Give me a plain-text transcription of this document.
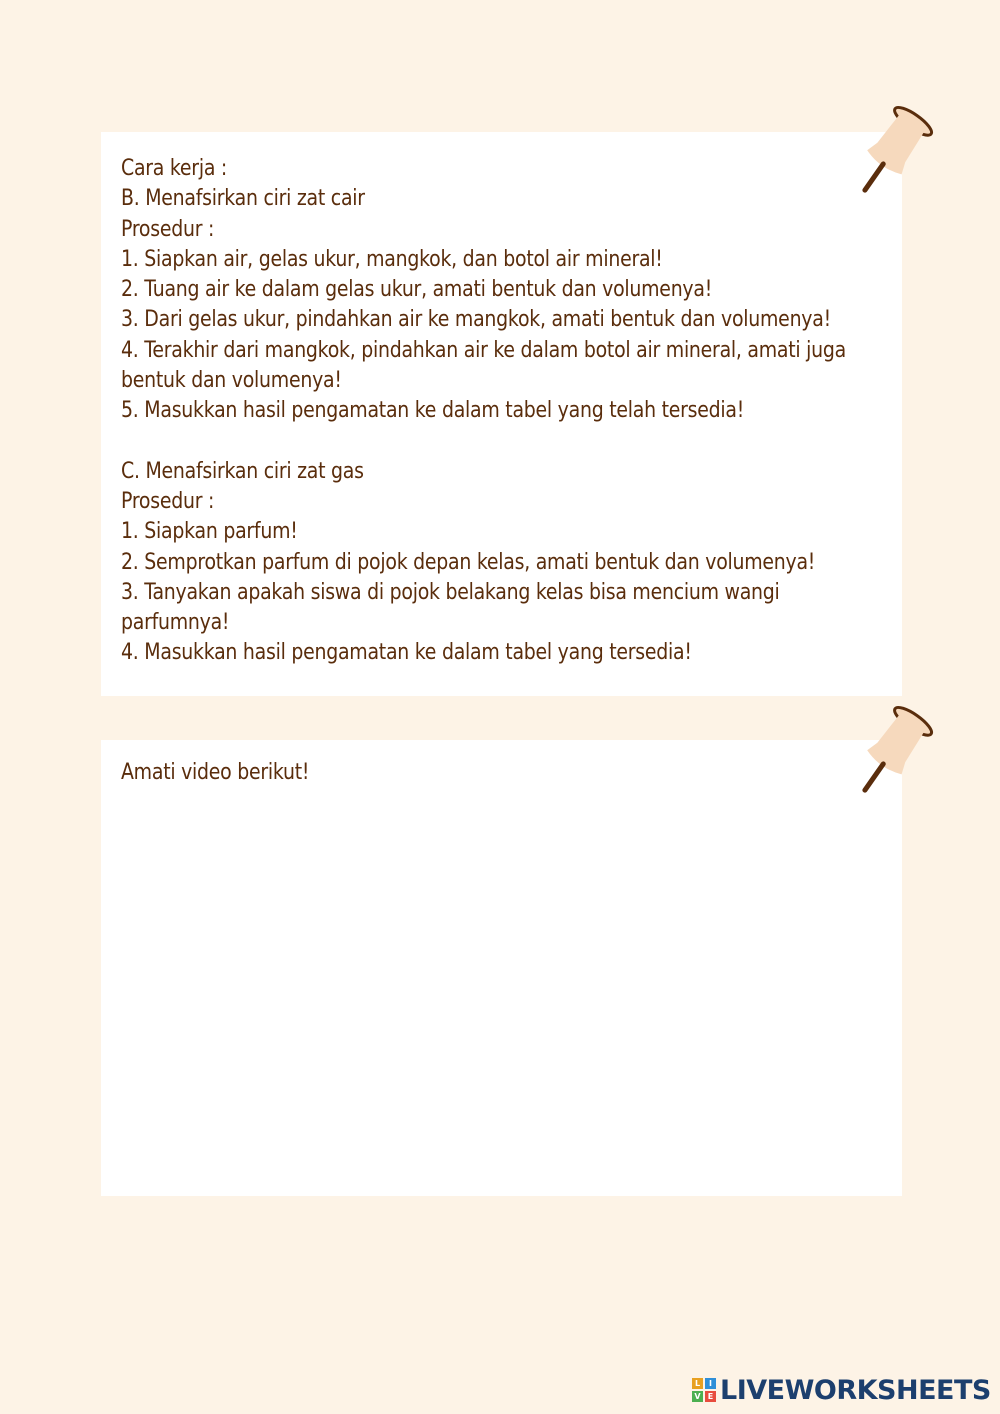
Cara kerja :
B. Menafsirkan ciri zat cair
Prosedur :
1. Siapkan air, gelas ukur, mangkok, dan botol air mineral!
2. Tuang air ke dalam gelas ukur, amati bentuk dan volumenya!
3. Dari gelas ukur, pindahkan air ke mangkok, amati bentuk dan volumenya!
4. Terakhir dari mangkok, pindahkan air ke dalam botol air mineral, amati juga
bentuk dan volumenya!
5. Masukkan hasil pengamatan ke dalam tabel yang telah tersedia!
C. Menafsirkan ciri zat gas
Prosedur :
1. Siapkan parfum!
2. Semprotkan parfum di pojok depan kelas, amati bentuk dan volumenya!
3. Tanyakan apakah siswa di pojok belakang kelas bisa mencium wangi
parfumnya!
4. Masukkan hasil pengamatan ke dalam tabel yang tersedia!
Amati video berikut!
L	I
V E LIVEWORKSHEETS
